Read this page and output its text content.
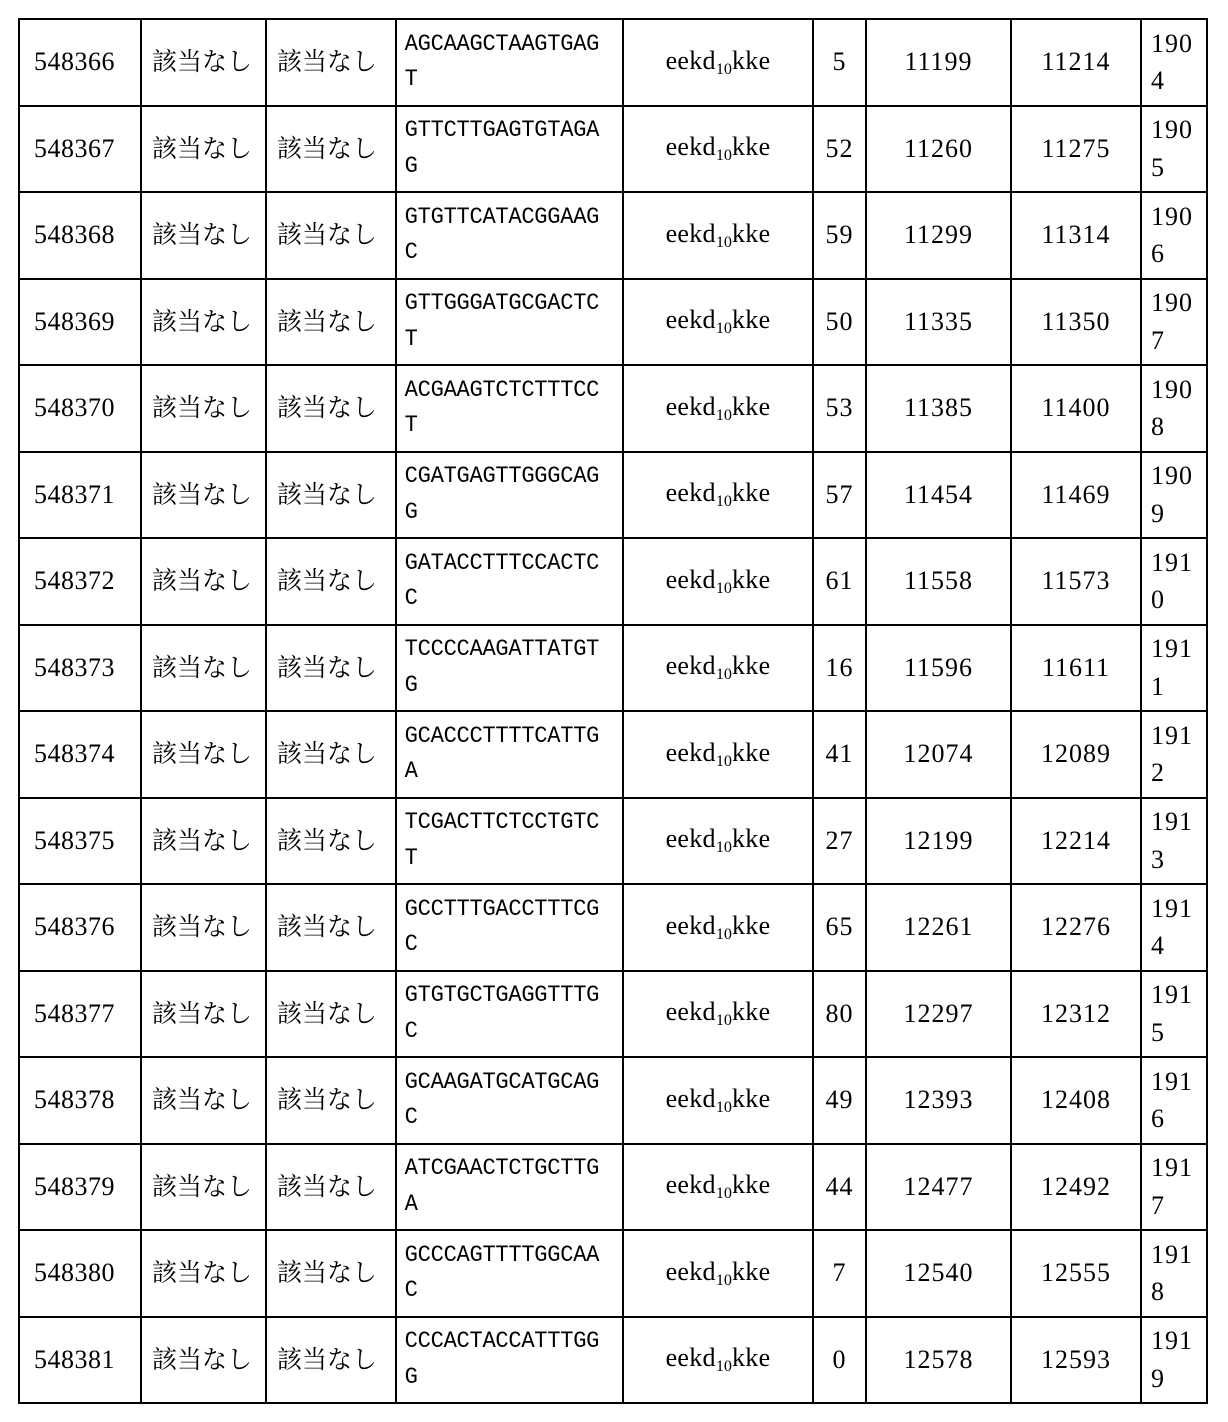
548366	該当なし	該当なし	AGCAAGCTAAGTGAGT	eekd$_{10}$kke	5	11199	11214	1904

548367	該当なし	該当なし	GTTCTTGAGTGTAGAG	eekd$_{10}$kke	52	11260	11275	1905

548368	該当なし	該当なし	GTGTTCATACGGAAGC	eekd$_{10}$kke	59	11299	11314	1906

548369	該当なし	該当なし	GTTGGGATGCGACTCT	eekd$_{10}$kke	50	11335	11350	1907

548370	該当なし	該当なし	ACGAAGTCTCTTTCCT	eekd$_{10}$kke	53	11385	11400	1908

548371	該当なし	該当なし	CGATGAGTTGGGCAGG	eekd$_{10}$kke	57	11454	11469	1909

548372	該当なし	該当なし	GATACCTTTCCACTCC	eekd$_{10}$kke	61	11558	11573	1910

548373	該当なし	該当なし	TCCCCAAGATTATGTG	eekd$_{10}$kke	16	11596	11611	1911

548374	該当なし	該当なし	GCACCCTTTTCATTGA	eekd$_{10}$kke	41	12074	12089	1912

548375	該当なし	該当なし	TCGACTTCTCCTGTCT	eekd$_{10}$kke	27	12199	12214	1913

548376	該当なし	該当なし	GCCTTTGACCTTTCGC	eekd$_{10}$kke	65	12261	12276	1914

548377	該当なし	該当なし	GTGTGCTGAGGTTTGC	eekd$_{10}$kke	80	12297	12312	1915

548378	該当なし	該当なし	GCAAGATGCATGCAGC	eekd$_{10}$kke	49	12393	12408	1916

548379	該当なし	該当なし	ATCGAACTCTGCTTGA	eekd$_{10}$kke	44	12477	12492	1917

548380	該当なし	該当なし	GCCCAGTTTTGGCAAC	eekd$_{10}$kke	7	12540	12555	1918

548381	該当なし	該当なし	CCCACTACCATTTGGG	eekd$_{10}$kke	0	12578	12593	1919
